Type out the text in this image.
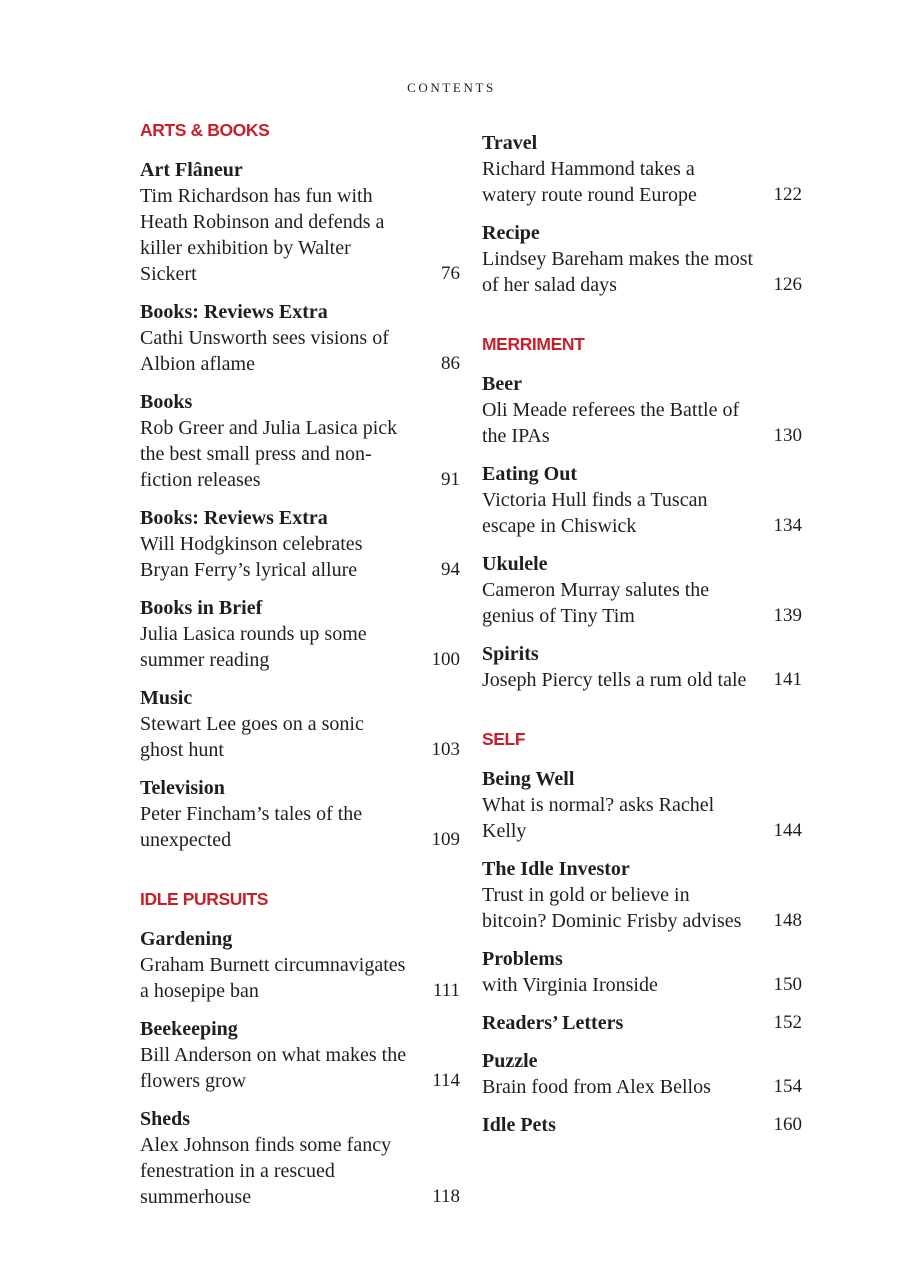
CONTENTS
ARTS & BOOKS
Art Flâneur
Tim Richardson has fun with Heath Robinson and defends a killer exhibition by Walter Sickert	76
Books: Reviews Extra
Cathi Unsworth sees visions of Albion aflame	86
Books
Rob Greer and Julia Lasica pick the best small press and non-fiction releases	91
Books: Reviews Extra
Will Hodgkinson celebrates Bryan Ferry’s lyrical allure	94
Books in Brief
Julia Lasica rounds up some summer reading	100
Music
Stewart Lee goes on a sonic ghost hunt	103
Television
Peter Fincham’s tales of the unexpected	109
IDLE PURSUITS
Gardening
Graham Burnett circumnavigates a hosepipe ban	111
Beekeeping
Bill Anderson on what makes the flowers grow	114
Sheds
Alex Johnson finds some fancy fenestration in a rescued summerhouse	118
Travel
Richard Hammond takes a watery route round Europe	122
Recipe
Lindsey Bareham makes the most of her salad days	126
MERRIMENT
Beer
Oli Meade referees the Battle of the IPAs	130
Eating Out
Victoria Hull finds a Tuscan escape in Chiswick	134
Ukulele
Cameron Murray salutes the genius of Tiny Tim	139
Spirits
Joseph Piercy tells a rum old tale	141
SELF
Being Well
What is normal? asks Rachel Kelly	144
The Idle Investor
Trust in gold or believe in bitcoin? Dominic Frisby advises	148
Problems
with Virginia Ironside	150
Readers’ Letters	152
Puzzle
Brain food from Alex Bellos	154
Idle Pets	160
